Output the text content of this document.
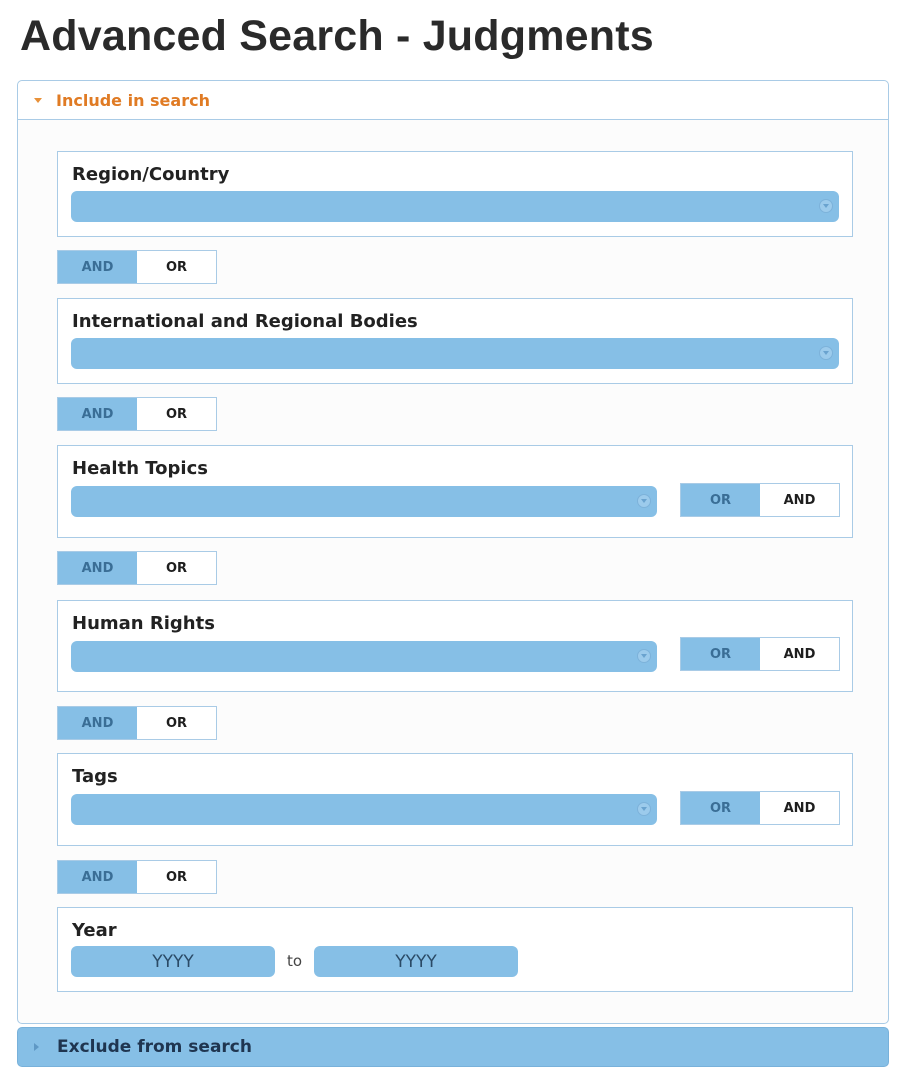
Advanced Search - Judgments
Include in search
Region/Country
AND	OR
International and Regional Bodies
AND	OR
Health Topics
OR	AND
AND	OR
Human Rights
OR	AND
AND	OR
Tags
OR	AND
AND	OR
Year
YYYY	to	YYYY
Exclude from search
